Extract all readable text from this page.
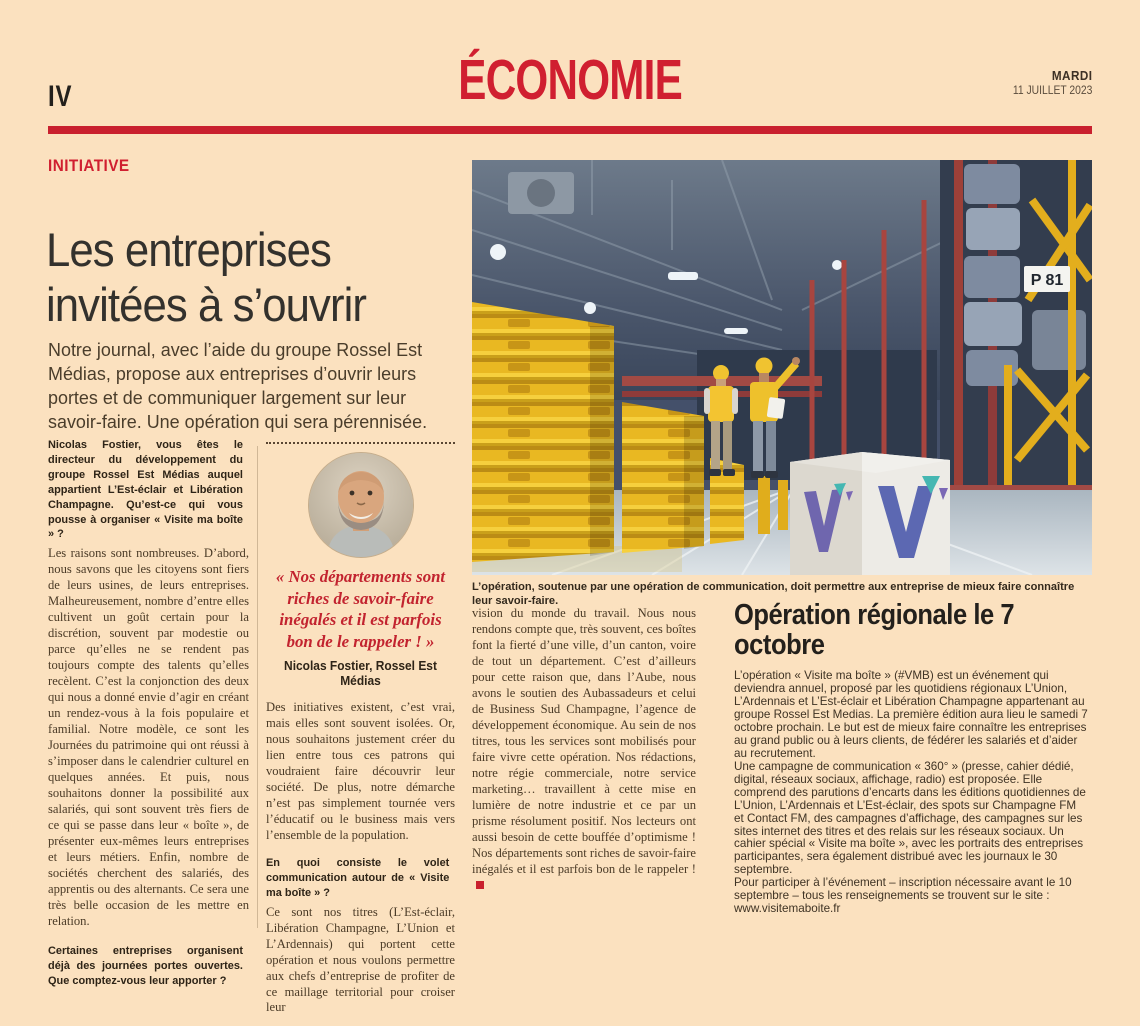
IV	ÉCONOMIE	MARDI
11 JUILLET 2023
INITIATIVE
Les entreprises invitées à s’ouvrir
Notre journal, avec l’aide du groupe Rossel Est Médias, propose aux entreprises d’ouvrir leurs portes et de communiquer largement sur leur savoir-faire. Une opération qui sera pérennisée.

Nicolas Fostier, vous êtes le directeur du développement du groupe Rossel Est Médias auquel appartient L’Est-éclair et Libération Champagne. Qu’est-ce qui vous pousse à organiser « Visite ma boîte » ?

Les raisons sont nombreuses. D’abord, nous savons que les citoyens sont fiers de leurs usines, de leurs entreprises. Malheureusement, nombre d’entre elles cultivent un goût certain pour la discrétion, souvent par modestie ou parce qu’elles ne se rendent pas toujours compte des talents qu’elles recèlent. C’est la conjonction des deux qui nous a donné envie d’agir en créant un rendez-vous à la fois populaire et familial. Notre modèle, ce sont les Journées du patrimoine qui ont réussi à s’imposer dans le calendrier culturel en quelques années. Et puis, nous souhaitons donner la possibilité aux salariés, qui sont souvent très fiers de ce qui se passe dans leur « boîte », de présenter eux-mêmes leurs entreprises et leurs métiers. Enfin, nombre de sociétés cherchent des salariés, des apprentis ou des alternants. Ce sera une très belle occasion de les mettre en relation.

Certaines entreprises organisent déjà des journées portes ouvertes. Que comptez-vous leur apporter ?

« Nos départements sont riches de savoir-faire inégalés et il est parfois bon de le rappeler ! »
Nicolas Fostier, Rossel Est Médias

Des initiatives existent, c’est vrai, mais elles sont souvent isolées. Or, nous souhaitons justement créer du lien entre tous ces patrons qui voudraient faire découvrir leur société. De plus, notre démarche n’est pas simplement tournée vers l’éducatif ou le business mais vers l’ensemble de la population.

En quoi consiste le volet communication autour de « Visite ma boîte » ?

Ce sont nos titres (L’Est-éclair, Libération Champagne, L’Union et L’Ardennais) qui portent cette opération et nous voulons permettre aux chefs d’entreprise de profiter de ce maillage territorial pour croiser leur

P 81
L’opération, soutenue par une opération de communication, doit permettre aux entreprise de mieux faire connaître leur savoir-faire.

vision du monde du travail. Nous nous rendons compte que, très souvent, ces boîtes font la fierté d’une ville, d’un canton, voire de tout un département. C’est d’ailleurs pour cette raison que, dans l’Aube, nous avons le soutien des Aubassadeurs et celui de Business Sud Champagne, l’agence de développement économique. Au sein de nos titres, tous les services sont mobilisés pour faire vivre cette opération. Nos rédactions, notre régie commerciale, notre service marketing… travaillent à cette mise en lumière de notre industrie et ce par un prisme résolument positif. Nos lecteurs ont aussi besoin de cette bouffée d’optimisme ! Nos départements sont riches de savoir-faire inégalés et il est parfois bon de le rappeler !

Opération régionale le 7 octobre

L’opération « Visite ma boîte » (#VMB) est un événement qui deviendra annuel, proposé par les quotidiens régionaux L’Union, L’Ardennais et L’Est-éclair et Libération Champagne appartenant au groupe Rossel Est Medias. La première édition aura lieu le samedi 7 octobre prochain. Le but est de mieux faire connaître les entreprises au grand public ou à leurs clients, de fédérer les salariés et d’aider au recrutement.

Une campagne de communication « 360° » (presse, cahier dédié, digital, réseaux sociaux, affichage, radio) est proposée. Elle comprend des parutions d’encarts dans les éditions quotidiennes de L’Union, L’Ardennais et L’Est-éclair, des spots sur Champagne FM et Contact FM, des campagnes d’affichage, des campagnes sur les sites internet des titres et des relais sur les réseaux sociaux. Un cahier spécial « Visite ma boîte », avec les portraits des entreprises participantes, sera également distribué avec les journaux le 30 septembre.

Pour participer à l’événement – inscription nécessaire avant le 10 septembre – tous les renseignements se trouvent sur le site : www.visitemaboite.fr
